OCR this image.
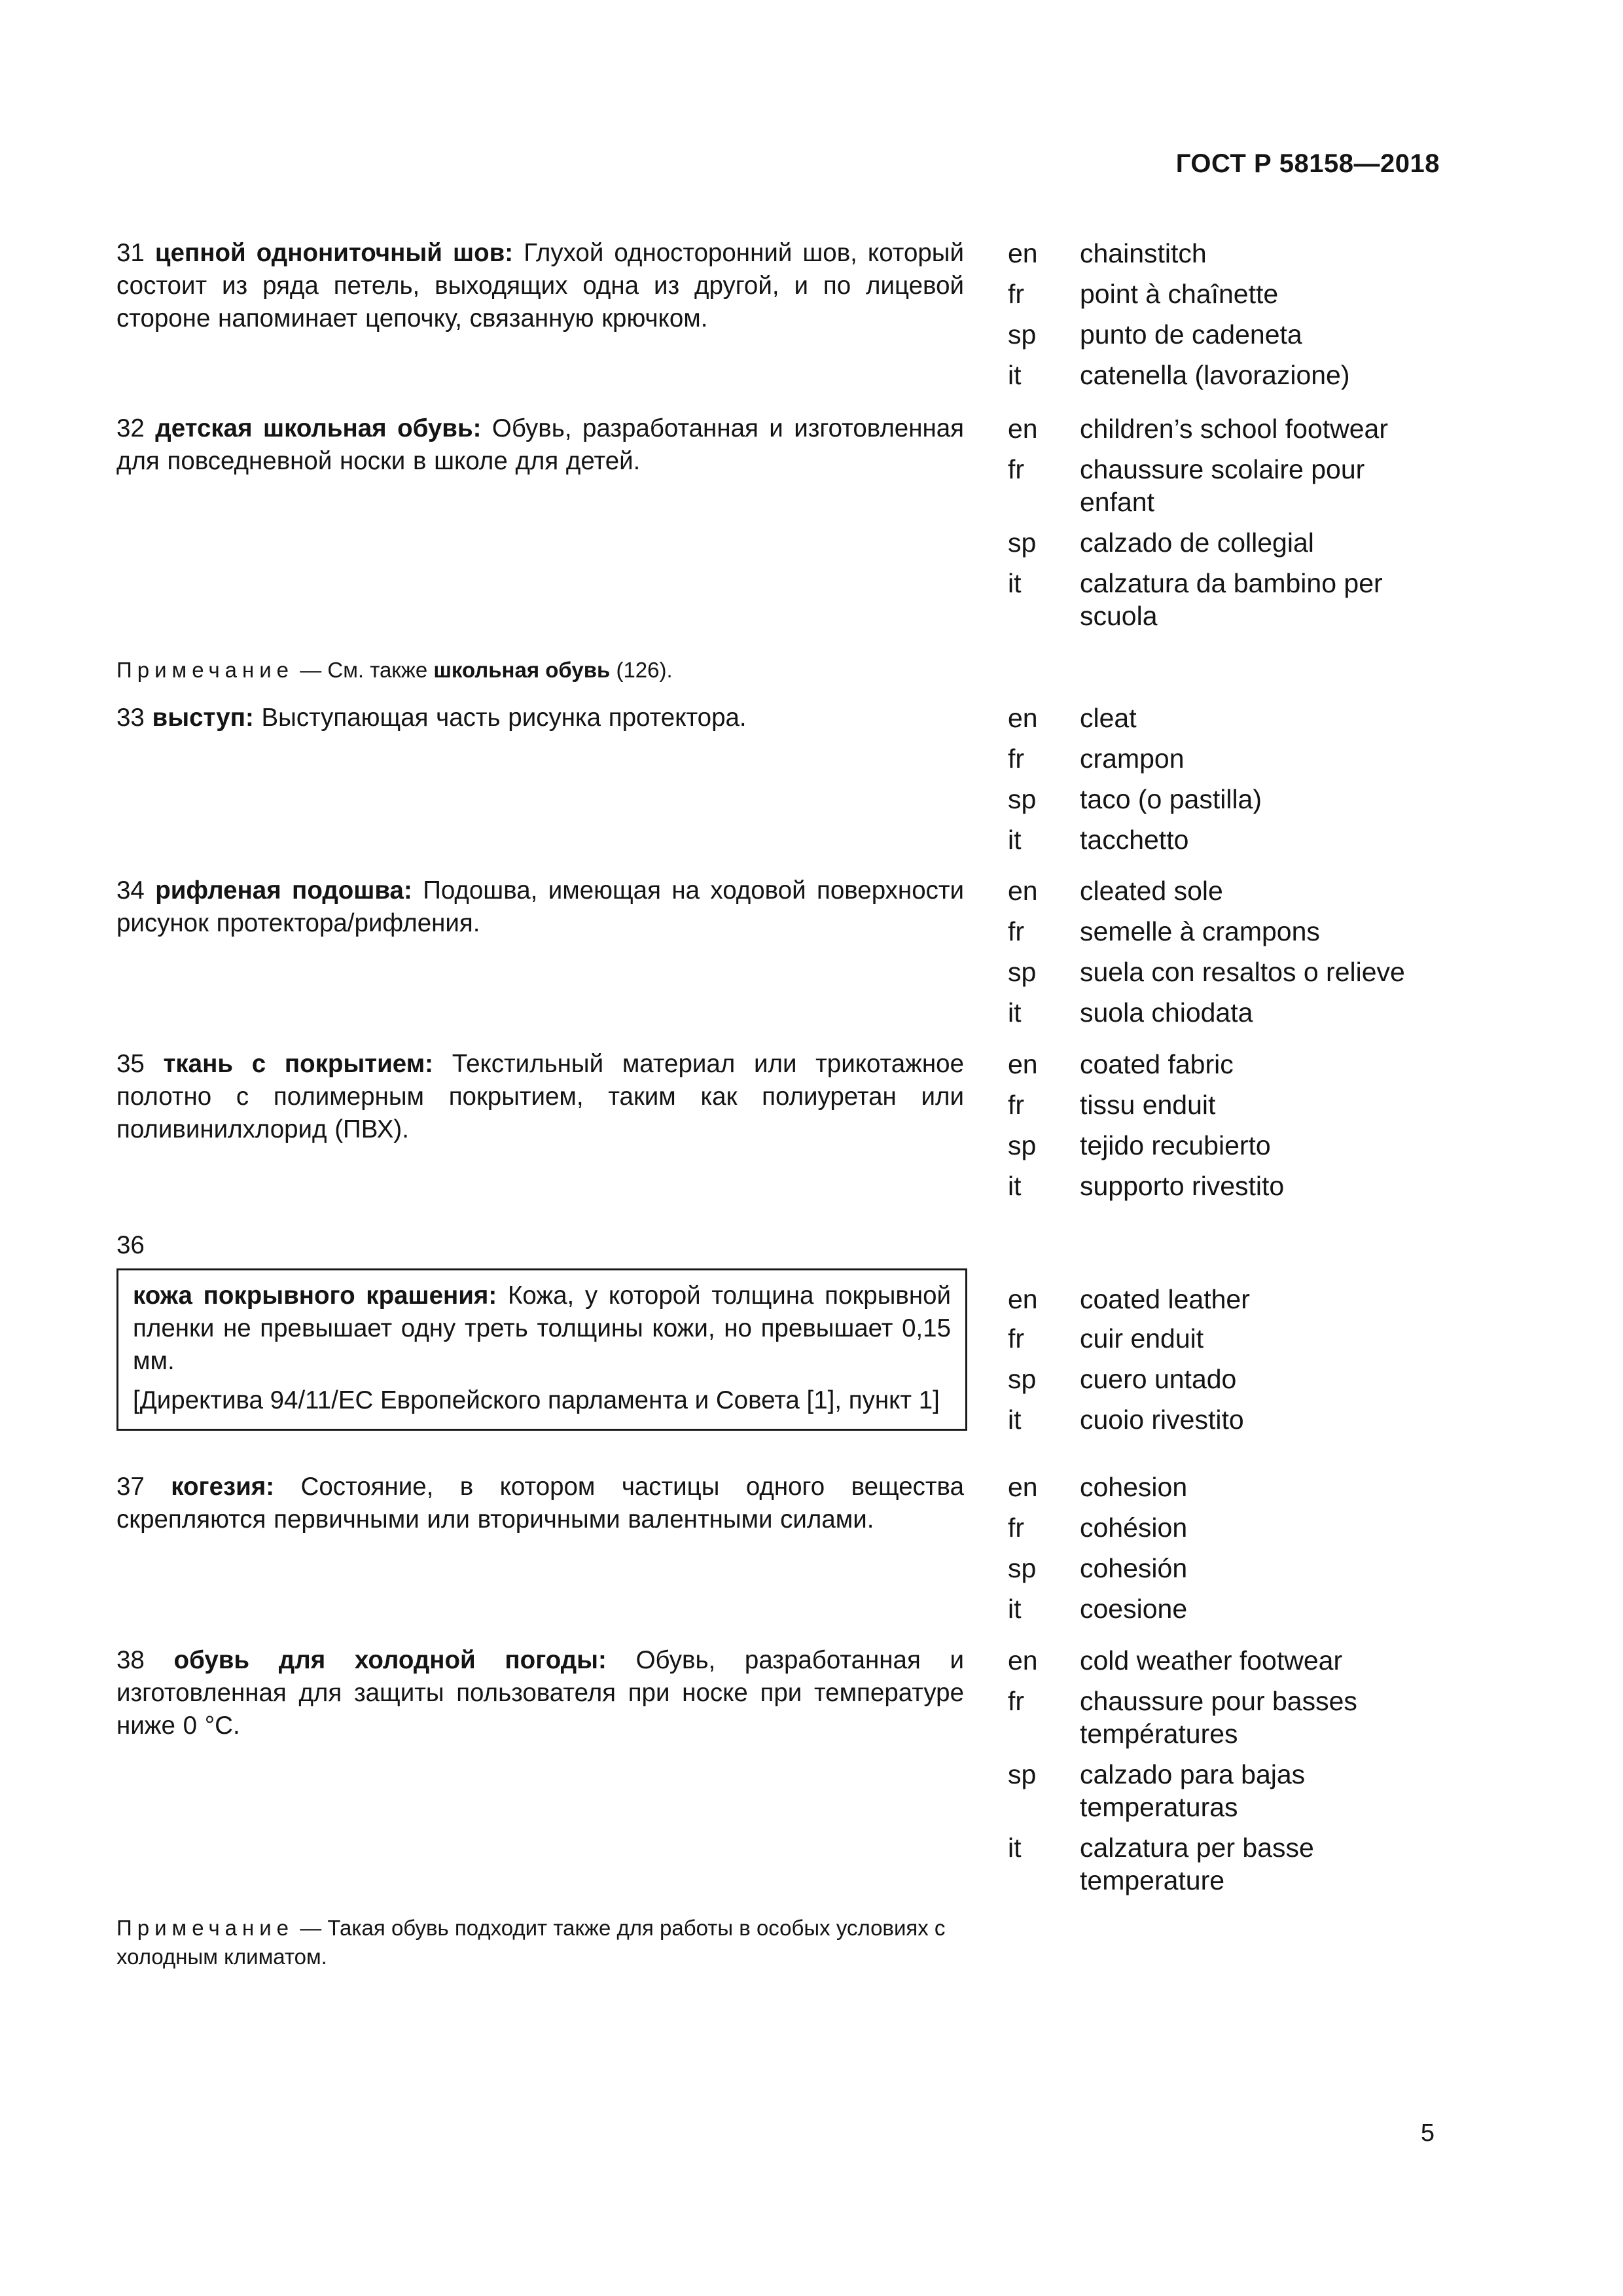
ГОСТ Р 58158—2018
31 цепной однониточный шов: Глухой односторонний шов, который состоит из ряда петель, выходящих одна из другой, и по лицевой стороне напоминает цепочку, связанную крючком.
en chainstitch
fr point à chaînette
sp punto de cadeneta
it catenella (lavorazione)
32 детская школьная обувь: Обувь, разработанная и изготовленная для повседневной носки в школе для детей.
en children’s school footwear
fr chaussure scolaire pour enfant
sp calzado de collegial
it calzatura da bambino per scuola
Примечание — См. также школьная обувь (126).
33 выступ: Выступающая часть рисунка протектора.	en cleat
fr crampon
sp taco (o pastilla)
it tacchetto
34 рифленая подошва: Подошва, имеющая на ходовой поверхности рисунок протектора/рифления.
en cleated sole
fr semelle à crampons
sp suela con resaltos o relieve
it suola chiodata
35 ткань с покрытием: Текстильный материал или трикотажное полотно с полимерным покрытием, таким как полиуретан или поливинилхлорид (ПВХ).
en coated fabric
fr tissu enduit
sp tejido recubierto
it supporto rivestito
36

кожа покрывного крашения: Кожа, у которой толщина покрывной пленки не превышает одну треть толщины кожи, но превышает 0,15 мм.

[Директива 94/11/ЕС Европейского парламента и Совета [1], пункт 1]

en coated leather
fr cuir enduit
sp cuero untado
it cuoio rivestito
37 когезия: Состояние, в котором частицы одного вещества скрепляются первичными или вторичными валентными силами.
en cohesion
fr cohésion
sp cohesión
it coesione
38 обувь для холодной погоды: Обувь, разработанная и изготовленная для защиты пользователя при носке при температуре ниже 0 °С.
en cold weather footwear
fr chaussure pour basses températures
sp calzado para bajas temperaturas
it calzatura per basse temperature
Примечание — Такая обувь подходит также для работы в особых условиях с холодным климатом.
5
